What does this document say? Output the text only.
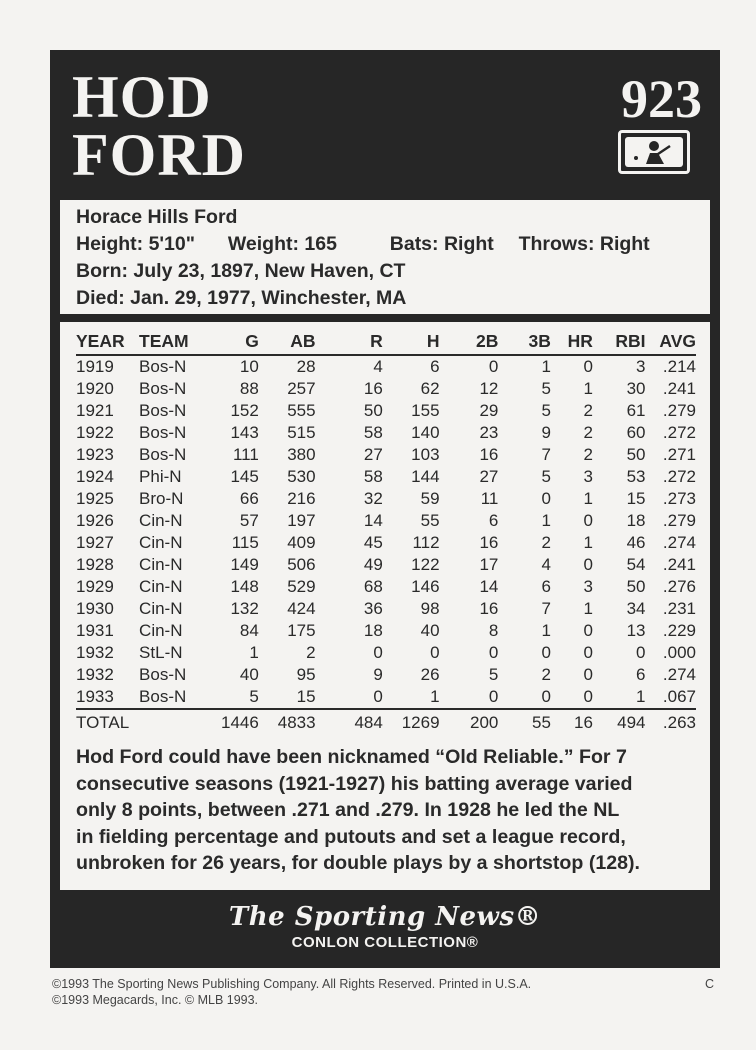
HOD
FORD
923
Horace Hills Ford
Height: 5'10" Weight: 165	Bats: Right Throws: Right
Born: July 23, 1897, New Haven, CT
Died: Jan. 29, 1977, Winchester, MA
YEAR	TEAM	G	AB	R	H	2B	3B	HR	RBI	AVG
1919	Bos-N	10	28	4	6	0	1	0	3	.214
1920	Bos-N	88	257	16	62	12	5	1	30	.241
1921	Bos-N	152	555	50	155	29	5	2	61	.279
1922	Bos-N	143	515	58	140	23	9	2	60	.272
1923	Bos-N	111	380	27	103	16	7	2	50	.271
1924	Phi-N	145	530	58	144	27	5	3	53	.272
1925	Bro-N	66	216	32	59	11	0	1	15	.273
1926	Cin-N	57	197	14	55	6	1	0	18	.279
1927	Cin-N	115	409	45	112	16	2	1	46	.274
1928	Cin-N	149	506	49	122	17	4	0	54	.241
1929	Cin-N	148	529	68	146	14	6	3	50	.276
1930	Cin-N	132	424	36	98	16	7	1	34	.231
1931	Cin-N	84	175	18	40	8	1	0	13	.229
1932	StL-N	1	2	0	0	0	0	0	0	.000
1932	Bos-N	40	95	9	26	5	2	0	6	.274
1933	Bos-N	5	15	0	1	0	0	0	1	.067
TOTAL		1446	4833	484	1269	200	55	16	494	.263
Hod Ford could have been nicknamed “Old Reliable.” For 7
consecutive seasons (1921-1927) his batting average varied
only 8 points, between .271 and .279. In 1928 he led the NL
in fielding percentage and putouts and set a league record,
unbroken for 26 years, for double plays by a shortstop (128).
The Sporting News®
CONLON COLLECTION®
©1993 The Sporting News Publishing Company. All Rights Reserved. Printed in U.S.A.
©1993 Megacards, Inc. © MLB 1993.
C
